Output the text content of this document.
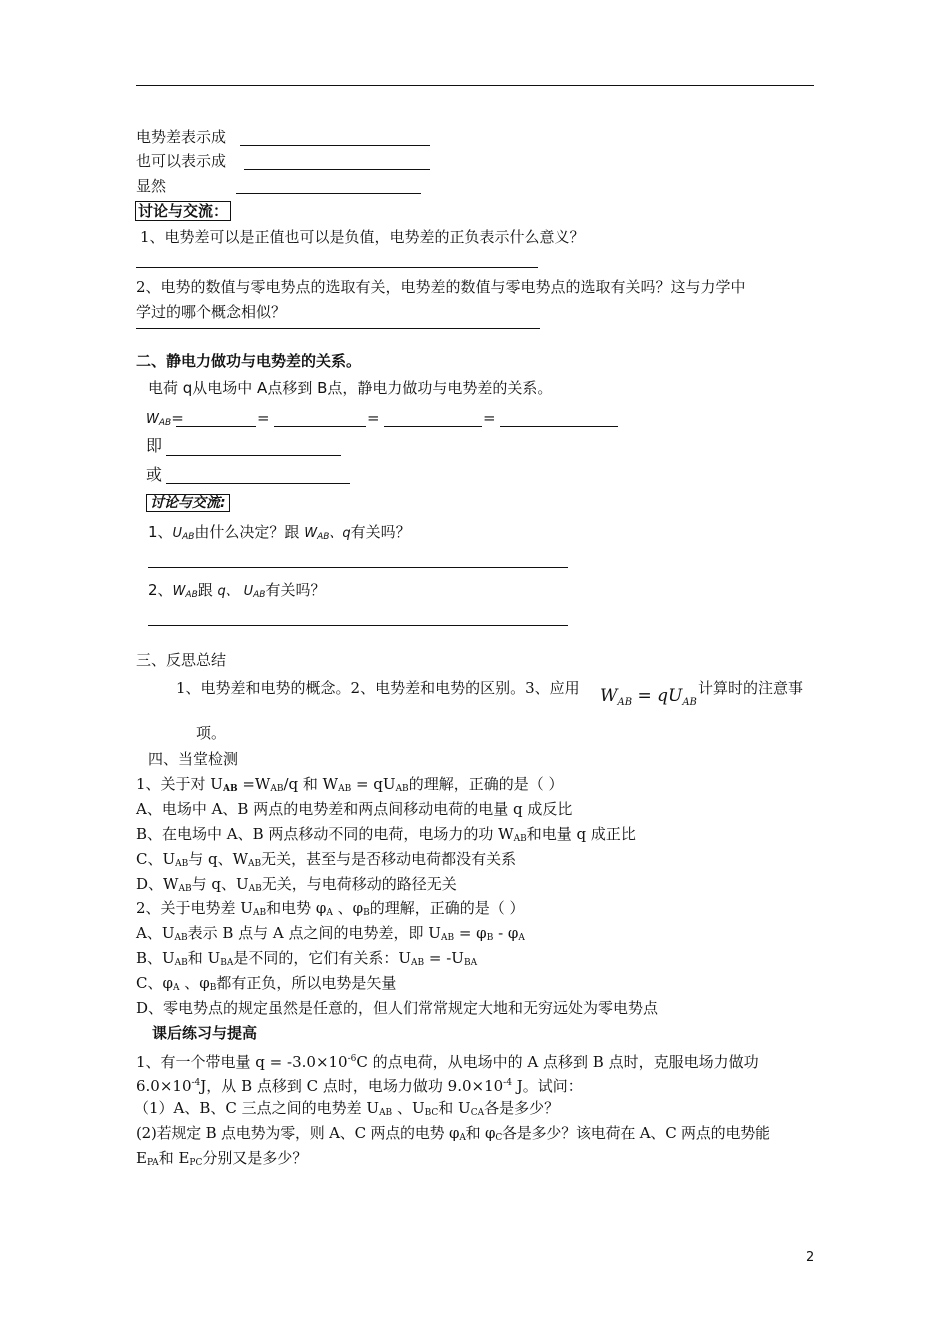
电势差表示成
也可以表示成
显然
讨论与交流：
1、电势差可以是正值也可以是负值，电势差的正负表示什么意义？
2、电势的数值与零电势点的选取有关，电势差的数值与零电势点的选取有关吗？这与力学中
学过的哪个概念相似？
二、静电力做功与电势差的关系。
电荷 q从电场中 A点移到 B点，静电力做功与电势差的关系。
$W_{AB}=$	=	=	=
即
或
讨论与交流:
1、$U_{AB}$由什么决定？跟 $W_{AB}$、q有关吗？
2、$W_{AB}$跟 q、 $U_{AB}$有关吗？
三、反思总结
1、电势差和电势的概念。2、电势差和电势的区别。3、应用 $W_{AB} = qU_{AB}$
计算时的注意事
项。
四、当堂检测
1、关于对 $U_{AB} =W_{AB}/q$ 和 $W_{AB} = qU_{AB}$的理解，正确的是（ ）
A、电场中 A、B 两点的电势差和两点间移动电荷的电量 q 成反比
B、在电场中 A、B 两点移动不同的电荷，电场力的功 $W_{AB}$和电量 q 成正比
C、$U_{AB}$与 q、$W_{AB}$无关，甚至与是否移动电荷都没有关系
D、$W_{AB}$与 q、$U_{AB}$无关，与电荷移动的路径无关
2、关于电势差 $U_{AB}$和电势 $\varphi_A$ 、$\varphi_B$的理解，正确的是（ ）
A、$U_{AB}$表示 B 点与 A 点之间的电势差，即 $U_{AB} = \varphi_B - \varphi_A$
B、$U_{AB}$和 $U_{BA}$是不同的，它们有关系：$U_{AB} = -U_{BA}$
C、$\varphi_A$ 、$\varphi_B$都有正负，所以电势是矢量
D、零电势点的规定虽然是任意的，但人们常常规定大地和无穷远处为零电势点
课后练习与提高
1、有一个带电量 $q = -3.0\times 10^{-6}C$ 的点电荷，从电场中的 A 点移到 B 点时，克服电场力做功
$6.0\times 10^{-4}J$，从 B 点移到 C 点时，电场力做功 $9.0\times 10^{-4}$ J。试问：
（1）A、B、C 三点之间的电势差 $U_{AB}$ 、$U_{BC}$和 $U_{CA}$各是多少？
(2)若规定 B 点电势为零，则 A、C 两点的电势 $\varphi_A$和 $\varphi_C$各是多少？该电荷在 A、C 两点的电势能
$E_{PA}$和 $E_{PC}$分别又是多少？
2
